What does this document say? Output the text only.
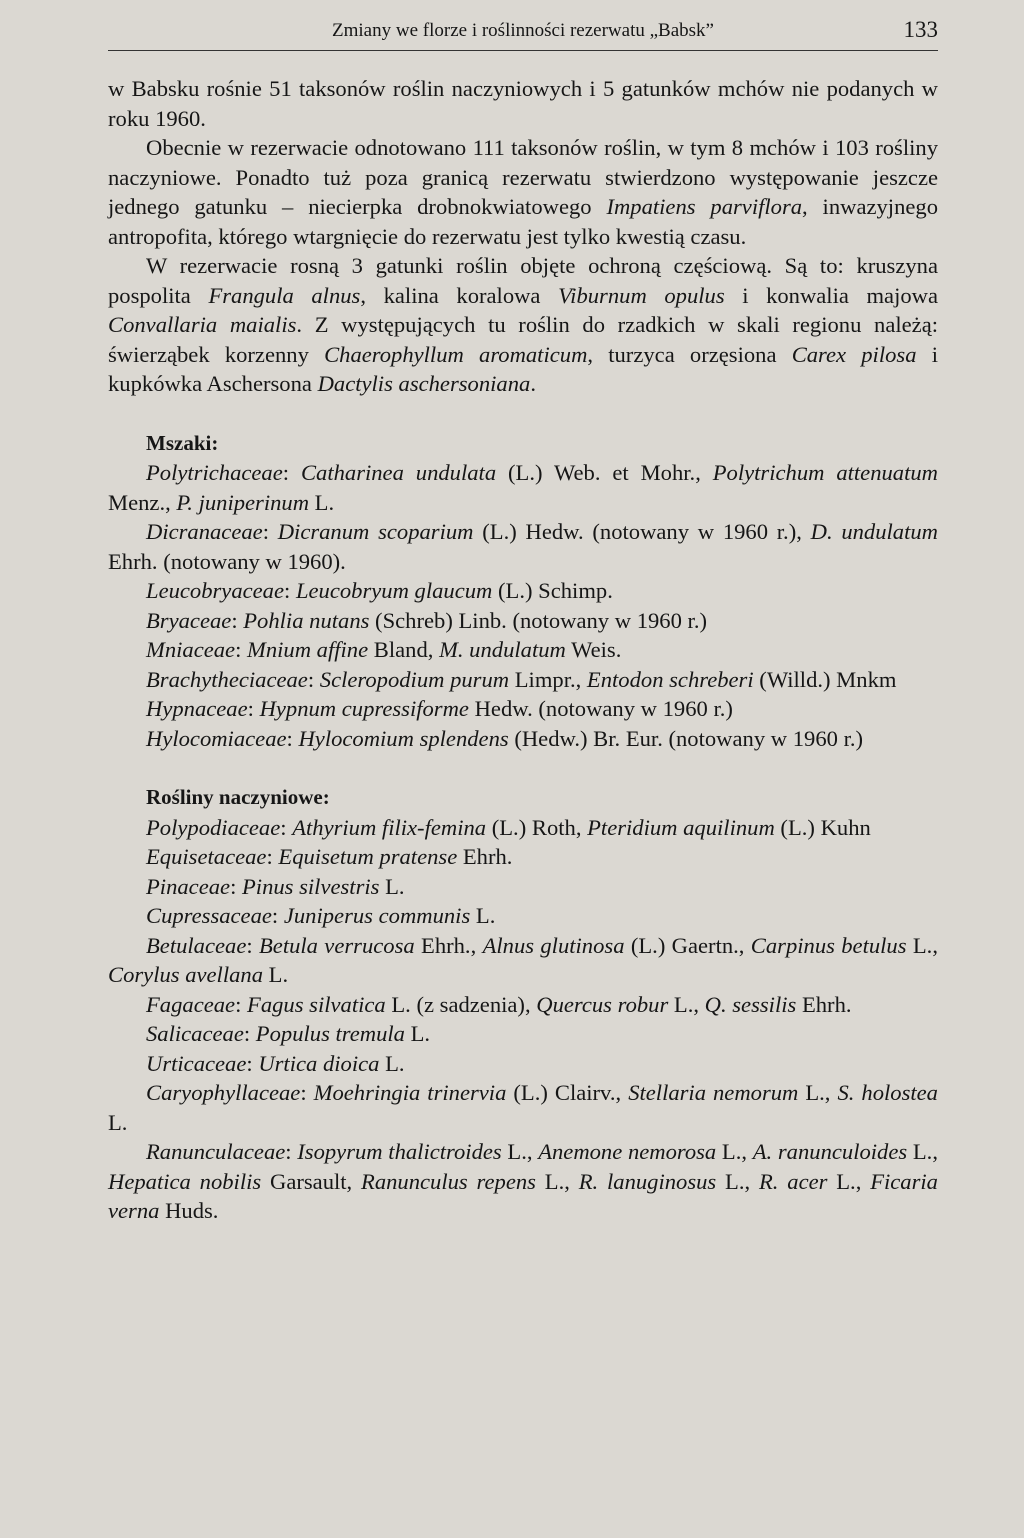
Zmiany we florze i roślinności rezerwatu „Babsk”	133

w Babsku rośnie 51 taksonów roślin naczyniowych i 5 gatunków mchów nie podanych w roku 1960.

Obecnie w rezerwacie odnotowano 111 taksonów roślin, w tym 8 mchów i 103 rośliny naczyniowe. Ponadto tuż poza granicą rezerwatu stwierdzono występowanie jeszcze jednego gatunku – niecierpka drobnokwiatowego Impatiens parviflora, inwazyjnego antropofita, którego wtargnięcie do rezerwatu jest tylko kwestią czasu.

W rezerwacie rosną 3 gatunki roślin objęte ochroną częściową. Są to: kruszyna pospolita Frangula alnus, kalina koralowa Viburnum opulus i konwalia majowa Convallaria maialis. Z występujących tu roślin do rzadkich w skali regionu należą: świerząbek korzenny Chaerophyllum aromaticum, turzyca orzęsiona Carex pilosa i kupkówka Aschersona Dactylis aschersoniana.

Mszaki:

Polytrichaceae: Catharinea undulata (L.) Web. et Mohr., Polytrichum attenuatum Menz., P. juniperinum L.

Dicranaceae: Dicranum scoparium (L.) Hedw. (notowany w 1960 r.), D. undulatum Ehrh. (notowany w 1960).

Leucobryaceae: Leucobryum glaucum (L.) Schimp.

Bryaceae: Pohlia nutans (Schreb) Linb. (notowany w 1960 r.)

Mniaceae: Mnium affine Bland, M. undulatum Weis.

Brachytheciaceae: Scleropodium purum Limpr., Entodon schreberi (Willd.) Mnkm

Hypnaceae: Hypnum cupressiforme Hedw. (notowany w 1960 r.)

Hylocomiaceae: Hylocomium splendens (Hedw.) Br. Eur. (notowany w 1960 r.)

Rośliny naczyniowe:

Polypodiaceae: Athyrium filix-femina (L.) Roth, Pteridium aquilinum (L.) Kuhn

Equisetaceae: Equisetum pratense Ehrh.

Pinaceae: Pinus silvestris L.

Cupressaceae: Juniperus communis L.

Betulaceae: Betula verrucosa Ehrh., Alnus glutinosa (L.) Gaertn., Carpinus betulus L., Corylus avellana L.

Fagaceae: Fagus silvatica L. (z sadzenia), Quercus robur L., Q. sessilis Ehrh.

Salicaceae: Populus tremula L.

Urticaceae: Urtica dioica L.

Caryophyllaceae: Moehringia trinervia (L.) Clairv., Stellaria nemorum L., S. holostea L.

Ranunculaceae: Isopyrum thalictroides L., Anemone nemorosa L., A. ranunculoides L., Hepatica nobilis Garsault, Ranunculus repens L., R. lanuginosus L., R. acer L., Ficaria verna Huds.
